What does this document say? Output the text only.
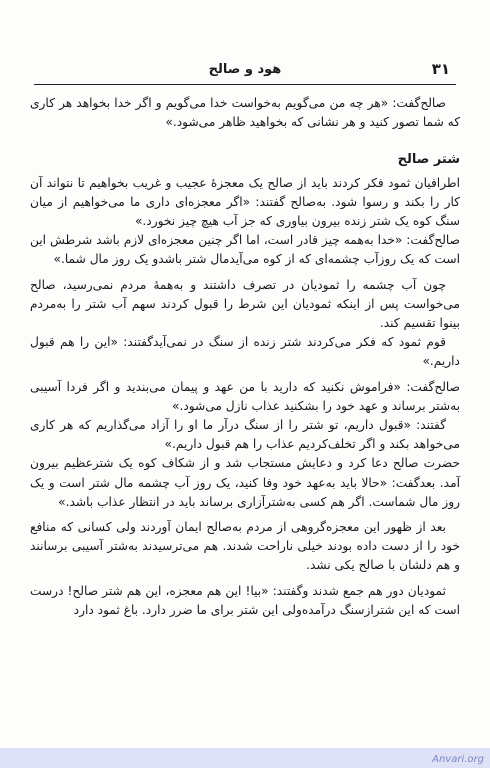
۳۱
هود و صالح

صالح‌گفت: «هر چه من می‌گویم به‌خواست خدا می‌گویم و اگر خدا بخواهد هر کاری که شما تصور کنید و هر نشانی که بخواهید ظاهر می‌شود.»

شتر صالح

اطرافیان ثمود فکر کردند باید از صالح یک معجزهٔ عجیب و غریب بخواهیم تا نتواند آن کار را بکند و رسوا شود. به‌صالح گفتند: «اگر معجزه‌ای داری ما می‌خواهیم از میان سنگ کوه یک شتر زنده بیرون بیاوری که جز آب هیچ چیز نخورد.»

صالح‌گفت: «خدا به‌همه چیز قادر است، اما اگر چنین معجزه‌ای لازم باشد شرطش این است که یک روزآب چشمه‌ای که از کوه می‌آیدمال شتر باشدو یک روز مال شما.»

چون آب چشمه را ثمودیان در تصرف داشتند و به‌همهٔ مردم نمی‌رسید، صالح می‌خواست پس از اینکه ثمودیان این شرط را قبول کردند سهم آب شتر را به‌مردم بینوا تقسیم کند.

قوم ثمود که فکر می‌کردند شتر زنده از سنگ در نمی‌آیدگفتند: «این را هم قبول داریم.»

صالح‌گفت: «فراموش نکنید که دارید با من عهد و پیمان می‌بندید و اگر فردا آسیبی به‌شتر برساند و عهد خود را بشکنید عذاب نازل می‌شود.»

گفتند: «قبول داریم، تو شتر را از سنگ درآر ما او را آزاد می‌گذاریم که هر کاری می‌خواهد بکند و اگر تخلف‌کردیم عذاب را هم قبول داریم.»

حضرت صالح دعا کرد و دعایش مستجاب شد و از شکاف کوه یک شترعظیم بیرون آمد. بعدگفت: «حالا باید به‌عهد خود وفا کنید، یک روز آب چشمه مال شتر است و یک روز مال شماست. اگر هم کسی به‌شترآزاری برساند باید در انتظار عذاب باشد.»

بعد از ظهور این معجزه‌گروهی از مردم به‌صالح ایمان آوردند ولی کسانی که منافع خود را از دست داده بودند خیلی ناراحت شدند. هم می‌ترسیدند به‌شتر آسیبی برسانند و هم دلشان با صالح یکی نشد.

ثمودیان دور هم جمع شدند وگفتند: «بیا! این هم معجزه، این هم شتر صالح! درست است که این شترازسنگ درآمده‌ولی این شتر برای ما ضرر دارد. باغ ثمود دارد

Anvari.org
